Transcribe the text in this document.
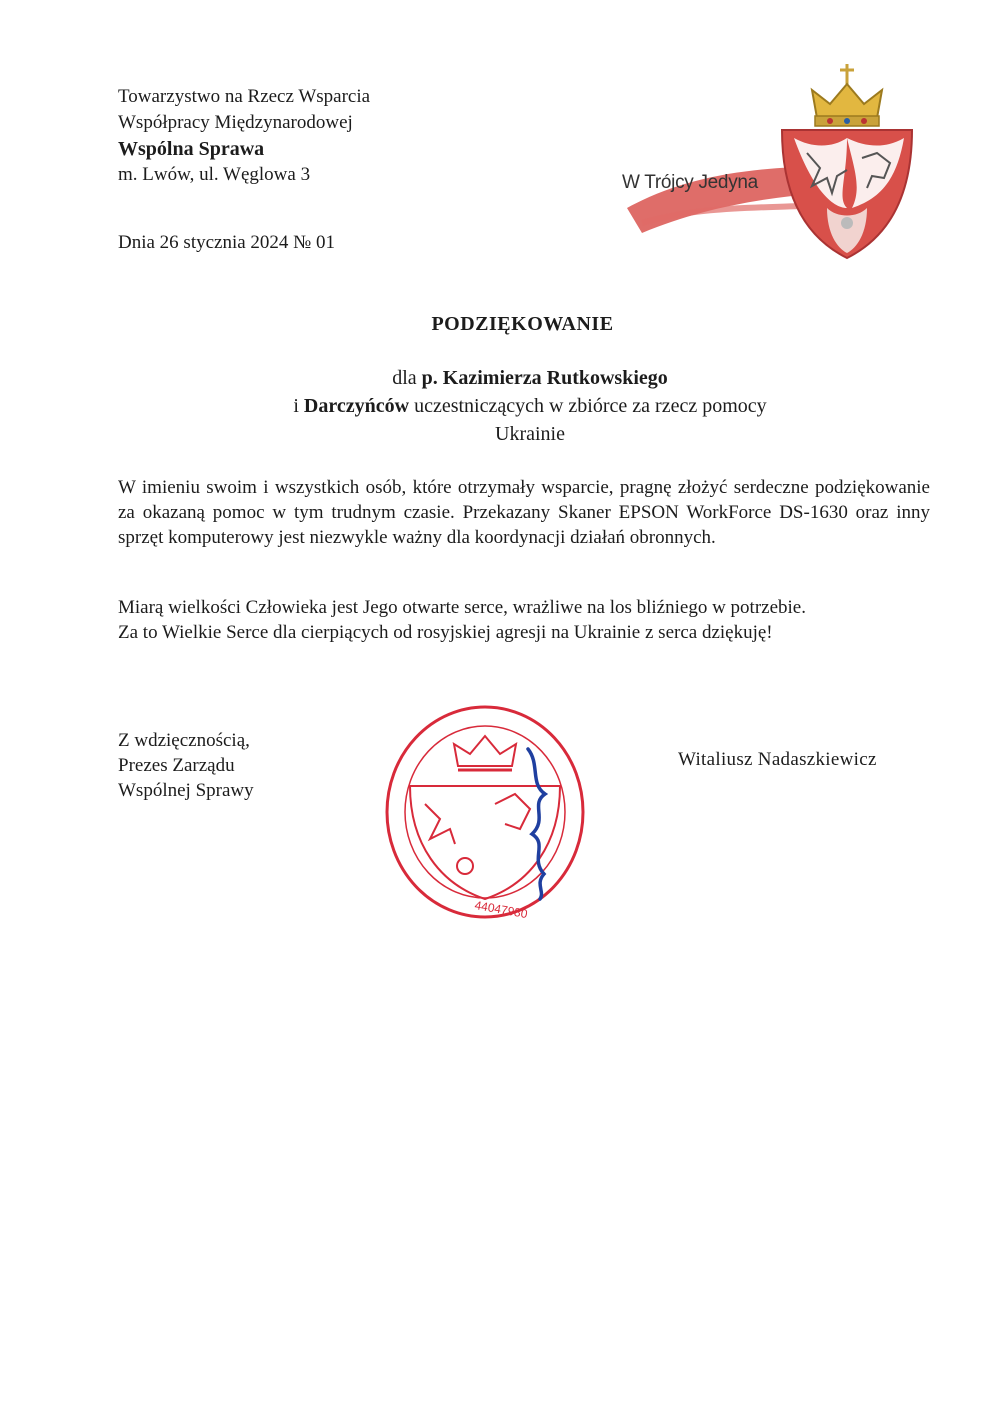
Towarzystwo na Rzecz Wsparcia
Współpracy Międzynarodowej
Wspólna Sprawa
m. Lwów, ul. Węglowa 3	W Trójcy Jedyna
Dnia 26 stycznia 2024 № 01
PODZIĘKOWANIE
dla p. Kazimierza Rutkowskiego
i Darczyńców uczestniczących w zbiórce za rzecz pomocy
Ukrainie
W imieniu swoim i wszystkich osób, które otrzymały wsparcie, pragnę złożyć serdeczne podziękowanie za okazaną pomoc w tym trudnym czasie. Przekazany Skaner EPSON WorkForce DS-1630 oraz inny sprzęt komputerowy jest niezwykle ważny dla koordynacji działań obronnych.
Miarą wielkości Człowieka jest Jego otwarte serce, wrażliwe na los bliźniego w potrzebie.
Za to Wielkie Serce dla cierpiących od rosyjskiej agresji na Ukrainie z serca dziękuję!
Z wdzięcznością,
Prezes Zarządu
Wspólnej Sprawy
44047980
Witaliusz Nadaszkiewicz
